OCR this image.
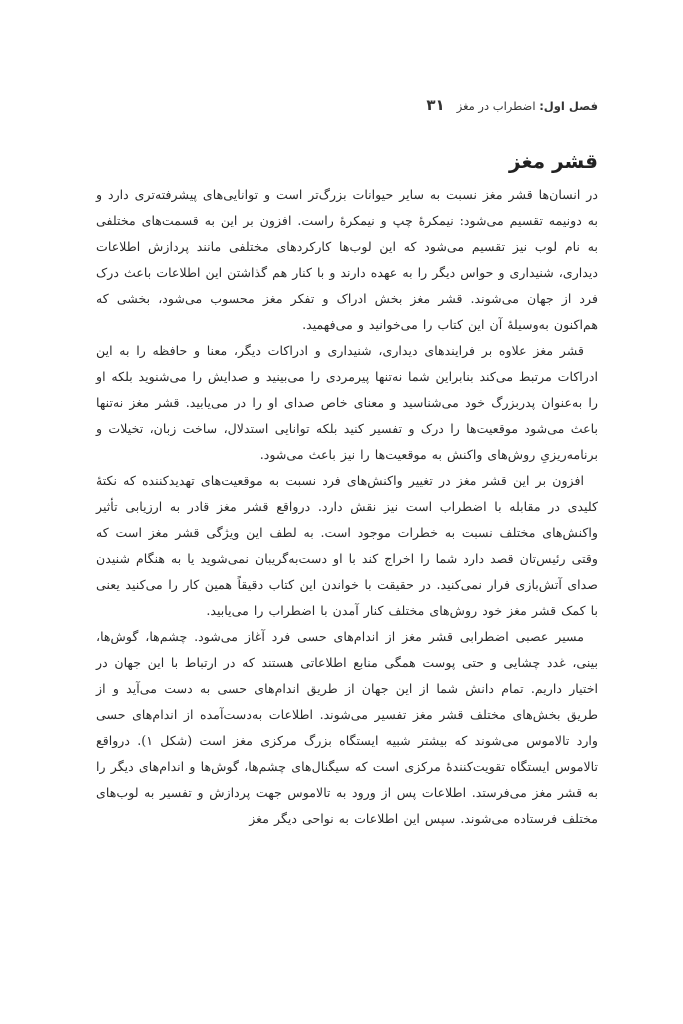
فصل اول: اضطراب در مغز
۳۱
قشر مغز

در انسان‌ها قشر مغز نسبت به سایر حیوانات بزرگ‌تر است و توانایی‌های پیشرفته‌تری دارد و به دونیمه تقسیم می‌شود: نیمکرهٔ چپ و نیمکرهٔ راست. افزون بر این به قسمت‌های مختلفی به نام لوب نیز تقسیم می‌شود که این لوب‌ها کارکردهای مختلفی مانند پردازش اطلاعات دیداری، شنیداری و حواس دیگر را به عهده دارند و با کنار هم گذاشتن این اطلاعات باعث درک فرد از جهان می‌شوند. قشر مغز بخش ادراک و تفکر مغز محسوب می‌شود، بخشی که هم‌اکنون به‌وسیلهٔ آن این کتاب را می‌خوانید و می‌فهمید.

قشر مغز علاوه بر فرایندهای دیداری، شنیداری و ادراکات دیگر، معنا و حافظه را به این ادراکات مرتبط می‌کند بنابراین شما نه‌تنها پیرمردی را می‌بینید و صدایش را می‌شنوید بلکه او را به‌عنوان پدربزرگ خود می‌شناسید و معنای خاص صدای او را در می‌یابید. قشر مغز نه‌تنها باعث می‌شود موقعیت‌ها را درک و تفسیر کنید بلکه توانایی استدلال، ساخت زبان، تخیلات و برنامه‌ریزیِ روش‌های واکنش به موقعیت‌ها را نیز باعث می‌شود.

افزون بر این قشر مغز در تغییر واکنش‌های فرد نسبت به موقعیت‌های تهدیدکننده که نکتهٔ کلیدی در مقابله با اضطراب است نیز نقش دارد. درواقع قشر مغز قادر به ارزیابی تأثیر واکنش‌های مختلف نسبت به خطرات موجود است. به لطف این ویژگی قشر مغز است که وقتی رئیس‌تان قصد دارد شما را اخراج کند با او دست‌به‌گریبان نمی‌شوید یا به هنگام شنیدن صدای آتش‌بازی فرار نمی‌کنید. در حقیقت با خواندن این کتاب دقیقاً همین کار را می‌کنید یعنی با کمک قشر مغز خود روش‌های مختلف کنار آمدن با اضطراب را می‌یابید.

مسیر عصبی اضطرابی قشر مغز از اندام‌های حسی فرد آغاز می‌شود. چشم‌ها، گوش‌ها، بینی، غدد چشایی و حتی پوست همگی منابع اطلاعاتی هستند که در ارتباط با این جهان در اختیار داریم. تمام دانش شما از این جهان از طریق اندام‌های حسی به دست می‌آید و از طریق بخش‌های مختلف قشر مغز تفسیر می‌شوند. اطلاعات به‌دست‌آمده از اندام‌های حسی وارد تالاموس می‌شوند که بیشتر شبیه ایستگاه بزرگ مرکزی مغز است (شکل ۱). درواقع تالاموس ایستگاه تقویت‌کنندهٔ مرکزی است که سیگنال‌های چشم‌ها، گوش‌ها و اندام‌های دیگر را به قشر مغز می‌فرستد. اطلاعات پس از ورود به تالاموس جهت پردازش و تفسیر به لوب‌های مختلف فرستاده می‌شوند. سپس این اطلاعات به نواحی دیگر مغز
